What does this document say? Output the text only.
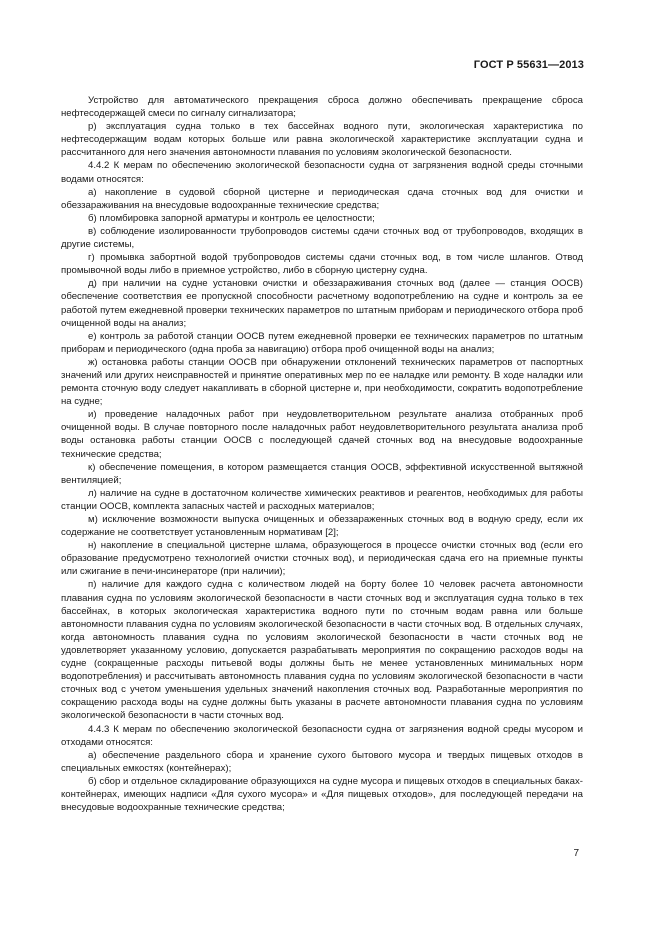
ГОСТ Р 55631—2013

Устройство для автоматического прекращения сброса должно обеспечивать прекращение сброса нефтесодержащей смеси по сигналу сигнализатора;

р) эксплуатация судна только в тех бассейнах водного пути, экологическая характеристика по нефтесодержащим водам которых больше или равна экологической характеристике эксплуатации судна и рассчитанного для него значения автономности плавания по условиям экологической безопасности.

4.4.2 К мерам по обеспечению экологической безопасности судна от загрязнения водной среды сточными водами относятся:

а) накопление в судовой сборной цистерне и периодическая сдача сточных вод для очистки и обеззараживания на внесудовые водоохранные технические средства;

б) пломбировка запорной арматуры и контроль ее целостности;

в) соблюдение изолированности трубопроводов системы сдачи сточных вод от трубопроводов, входящих в другие системы,

г) промывка забортной водой трубопроводов системы сдачи сточных вод, в том числе шлангов. Отвод промывочной воды либо в приемное устройство, либо в сборную цистерну судна.

д) при наличии на судне установки очистки и обеззараживания сточных вод (далее — станция ООСВ) обеспечение соответствия ее пропускной способности расчетному водопотреблению на судне и контроль за ее работой путем ежедневной проверки технических параметров по штатным приборам и периодического отбора проб очищенной воды на анализ;

е) контроль за работой станции ООСВ путем ежедневной проверки ее технических параметров по штатным приборам и периодического (одна проба за навигацию) отбора проб очищенной воды на анализ;

ж) остановка работы станции ООСВ при обнаружении отклонений технических параметров от паспортных значений или других неисправностей и принятие оперативных мер по ее наладке или ремонту. В ходе наладки или ремонта сточную воду следует накапливать в сборной цистерне и, при необходимости, сократить водопотребление на судне;

и) проведение наладочных работ при неудовлетворительном результате анализа отобранных проб очищенной воды. В случае повторного после наладочных работ неудовлетворительного результата анализа проб воды остановка работы станции ООСВ с последующей сдачей сточных вод на внесудовые водоохранные технические средства;

к) обеспечение помещения, в котором размещается станция ООСВ, эффективной искусственной вытяжной вентиляцией;

л) наличие на судне в достаточном количестве химических реактивов и реагентов, необходимых для работы станции ООСВ, комплекта запасных частей и расходных материалов;

м) исключение возможности выпуска очищенных и обеззараженных сточных вод в водную среду, если их содержание не соответствует установленным нормативам [2];

н) накопление в специальной цистерне шлама, образующегося в процессе очистки сточных вод (если его образование предусмотрено технологией очистки сточных вод), и периодическая сдача его на приемные пункты или сжигание в печи-инсинераторе (при наличии);

п) наличие для каждого судна с количеством людей на борту более 10 человек расчета автономности плавания судна по условиям экологической безопасности в части сточных вод и эксплуатация судна только в тех бассейнах, в которых экологическая характеристика водного пути по сточным водам равна или больше автономности плавания судна по условиям экологической безопасности в части сточных вод. В отдельных случаях, когда автономность плавания судна по условиям экологической безопасности в части сточных вод не удовлетворяет указанному условию, допускается разрабатывать мероприятия по сокращению расходов воды на судне (сокращенные расходы питьевой воды должны быть не менее установленных минимальных норм водопотребления) и рассчитывать автономность плавания судна по условиям экологической безопасности в части сточных вод с учетом уменьшения удельных значений накопления сточных вод. Разработанные мероприятия по сокращению расхода воды на судне должны быть указаны в расчете автономности плавания судна по условиям экологической безопасности в части сточных вод.

4.4.3 К мерам по обеспечению экологической безопасности судна от загрязнения водной среды мусором и отходами относятся:

а) обеспечение раздельного сбора и хранение сухого бытового мусора и твердых пищевых отходов в специальных емкостях (контейнерах);

б) сбор и отдельное складирование образующихся на судне мусора и пищевых отходов в специальных баках-контейнерах, имеющих надписи «Для сухого мусора» и «Для пищевых отходов», для последующей передачи на внесудовые водоохранные технические средства;

7
